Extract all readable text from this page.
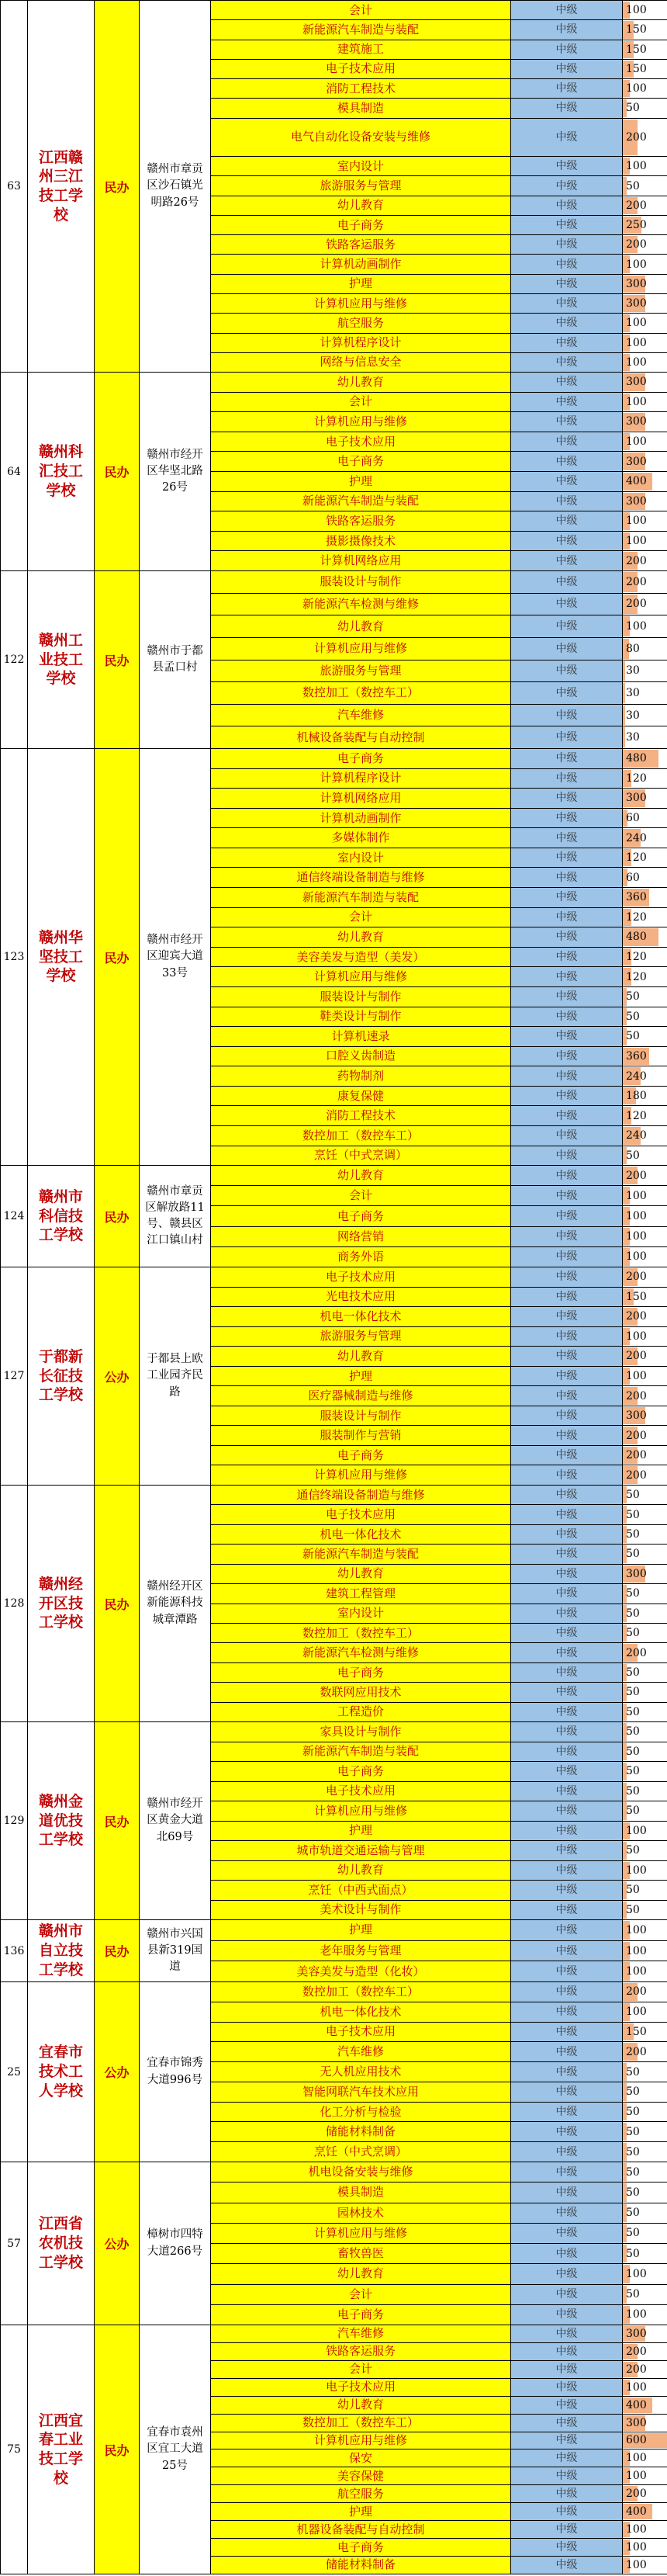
63
江西赣州三江技工学校
民办
赣州市章贡区沙石镇光明路26号
会计	中级	100
新能源汽车制造与装配	中级	150
建筑施工	中级	150
电子技术应用	中级	150
消防工程技术	中级	100
模具制造	中级	50
电气自动化设备安装与维修	中级	200
室内设计	中级	100
旅游服务与管理	中级	50
幼儿教育	中级	200
电子商务	中级	250
铁路客运服务	中级	200
计算机动画制作	中级	100
护理	中级	300
计算机应用与维修	中级	300
航空服务	中级	100
计算机程序设计	中级	100
网络与信息安全	中级	100
64
赣州科汇技工学校
民办
赣州市经开区华坚北路26号
幼儿教育	中级	300
会计	中级	100
计算机应用与维修	中级	300
电子技术应用	中级	100
电子商务	中级	300
护理	中级	400
新能源汽车制造与装配	中级	300
铁路客运服务	中级	100
摄影摄像技术	中级	100
计算机网络应用	中级	200
122
赣州工业技工学校
民办
赣州市于都县孟口村
服装设计与制作	中级	200
新能源汽车检测与维修	中级	200
幼儿教育	中级	100
计算机应用与维修	中级	80
旅游服务与管理	中级	30
数控加工（数控车工）	中级	30
汽车维修	中级	30
机械设备装配与自动控制	中级	30
123
赣州华坚技工学校
民办
赣州市经开区迎宾大道33号
电子商务	中级	480
计算机程序设计	中级	120
计算机网络应用	中级	300
计算机动画制作	中级	60
多媒体制作	中级	240
室内设计	中级	120
通信终端设备制造与维修	中级	60
新能源汽车制造与装配	中级	360
会计	中级	120
幼儿教育	中级	480
美容美发与造型（美发）	中级	120
计算机应用与维修	中级	120
服装设计与制作	中级	50
鞋类设计与制作	中级	50
计算机速录	中级	50
口腔义齿制造	中级	360
药物制剂	中级	240
康复保健	中级	180
消防工程技术	中级	120
数控加工（数控车工）	中级	240
烹饪（中式烹调）	中级	50
124
赣州市科信技工学校
民办
赣州市章贡区解放路11号、赣县区江口镇山村
幼儿教育	中级	200
会计	中级	100
电子商务	中级	100
网络营销	中级	100
商务外语	中级	100
127
于都新长征技工学校
公办
于都县上欧工业园齐民路
电子技术应用	中级	200
光电技术应用	中级	150
机电一体化技术	中级	200
旅游服务与管理	中级	100
幼儿教育	中级	200
护理	中级	100
医疗器械制造与维修	中级	200
服装设计与制作	中级	300
服装制作与营销	中级	200
电子商务	中级	200
计算机应用与维修	中级	200
128
赣州经开区技工学校
民办
赣州经开区新能源科技城章潭路
通信终端设备制造与维修	中级	50
电子技术应用	中级	50
机电一体化技术	中级	50
新能源汽车制造与装配	中级	50
幼儿教育	中级	300
建筑工程管理	中级	50
室内设计	中级	50
数控加工（数控车工）	中级	50
新能源汽车检测与维修	中级	200
电子商务	中级	50
数联网应用技术	中级	50
工程造价	中级	50
129
赣州金道优技工学校
民办
赣州市经开区黄金大道北69号
家具设计与制作	中级	50
新能源汽车制造与装配	中级	50
电子商务	中级	50
电子技术应用	中级	50
计算机应用与维修	中级	50
护理	中级	100
城市轨道交通运输与管理	中级	50
幼儿教育	中级	100
烹饪（中西式面点）	中级	50
美术设计与制作	中级	50
136
赣州市自立技工学校
民办
赣州市兴国县新319国道
护理	中级	100
老年服务与管理	中级	100
美容美发与造型（化妆）	中级	100
25
宜春市技术工人学校
公办
宜春市锦秀大道996号
数控加工（数控车工）	中级	200
机电一体化技术	中级	100
电子技术应用	中级	150
汽车维修	中级	200
无人机应用技术	中级	50
智能网联汽车技术应用	中级	50
化工分析与检验	中级	50
储能材料制备	中级	50
烹饪（中式烹调）	中级	50
57
江西省农机技工学校
公办
樟树市四特大道266号
机电设备安装与维修	中级	50
模具制造	中级	50
园林技术	中级	50
计算机应用与维修	中级	50
畜牧兽医	中级	50
幼儿教育	中级	100
会计	中级	50
电子商务	中级	100
75
江西宜春工业技工学校
民办
宜春市袁州区宜工大道25号
汽车维修	中级	300
铁路客运服务	中级	200
会计	中级	200
电子技术应用	中级	100
幼儿教育	中级	400
数控加工（数控车工）	中级	300
计算机应用与维修	中级	600
保安	中级	100
美容保健	中级	100
航空服务	中级	200
护理	中级	400
机器设备装配与自动控制	中级	100
电子商务	中级	100
储能材料制备	中级	100
